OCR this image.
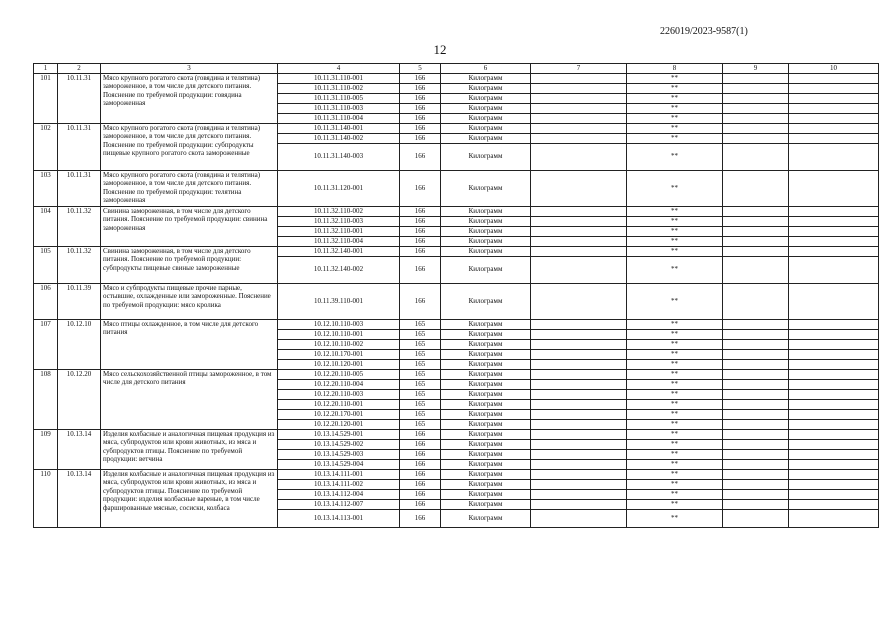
226019/2023-9587(1)
12
1	2	3	4	5	6	7	8	9	10
101	10.11.31	Мясо крупного рогатого скота (говядина и телятина) замороженное, в том числе для детского питания. Пояснение по требуемой продукции: говядина замороженная	10.11.31.110-001	166	Килограмм		**		
			10.11.31.110-002	166	Килограмм		**		
			10.11.31.110-005	166	Килограмм		**		
			10.11.31.110-003	166	Килограмм		**		
			10.11.31.110-004	166	Килограмм		**		
102	10.11.31	Мясо крупного рогатого скота (говядина и телятина) замороженное, в том числе для детского питания. Пояснение по требуемой продукции: субпродукты пищевые крупного рогатого скота замороженные	10.11.31.140-001	166	Килограмм		**		
			10.11.31.140-002	166	Килограмм		**		
			10.11.31.140-003	166	Килограмм		**		
103	10.11.31	Мясо крупного рогатого скота (говядина и телятина) замороженное, в том числе для детского питания. Пояснение по требуемой продукции: телятина замороженная	10.11.31.120-001	166	Килограмм		**		
104	10.11.32	Свинина замороженная, в том числе для детского питания. Пояснение по требуемой продукции: свинина замороженная	10.11.32.110-002	166	Килограмм		**		
			10.11.32.110-003	166	Килограмм		**		
			10.11.32.110-001	166	Килограмм		**		
			10.11.32.110-004	166	Килограмм		**		
105	10.11.32	Свинина замороженная, в том числе для детского питания. Пояснение по требуемой продукции: субпродукты пищевые свиные замороженные	10.11.32.140-001	166	Килограмм		**		
			10.11.32.140-002	166	Килограмм		**		
106	10.11.39	Мясо и субпродукты пищевые прочие парные, остывшие, охлажденные или замороженные. Пояснение по требуемой продукции: мясо кролика	10.11.39.110-001	166	Килограмм		**		
107	10.12.10	Мясо птицы охлажденное, в том числе для детского питания	10.12.10.110-003	165	Килограмм		**		
			10.12.10.110-001	165	Килограмм		**		
			10.12.10.110-002	165	Килограмм		**		
			10.12.10.170-001	165	Килограмм		**		
			10.12.10.120-001	165	Килограмм		**		
108	10.12.20	Мясо сельскохозяйственной птицы замороженное, в том числе для детского питания	10.12.20.110-005	165	Килограмм		**		
			10.12.20.110-004	165	Килограмм		**		
			10.12.20.110-003	165	Килограмм		**		
			10.12.20.110-001	165	Килограмм		**		
			10.12.20.170-001	165	Килограмм		**		
			10.12.20.120-001	165	Килограмм		**		
109	10.13.14	Изделия колбасные и аналогичная пищевая продукция из мяса, субпродуктов или крови животных, из мяса и субпродуктов птицы. Пояснение по требуемой продукции: ветчина	10.13.14.529-001	166	Килограмм		**		
			10.13.14.529-002	166	Килограмм		**		
			10.13.14.529-003	166	Килограмм		**		
			10.13.14.529-004	166	Килограмм		**		
110	10.13.14	Изделия колбасные и аналогичная пищевая продукция из мяса, субпродуктов или крови животных, из мяса и субпродуктов птицы. Пояснение по требуемой продукции: изделия колбасные вареные, в том числе фаршированные мясные, сосиски, колбаса	10.13.14.111-001	166	Килограмм		**		
			10.13.14.111-002	166	Килограмм		**		
			10.13.14.112-004	166	Килограмм		**		
			10.13.14.112-007	166	Килограмм		**		
			10.13.14.113-001	166	Килограмм		**		
